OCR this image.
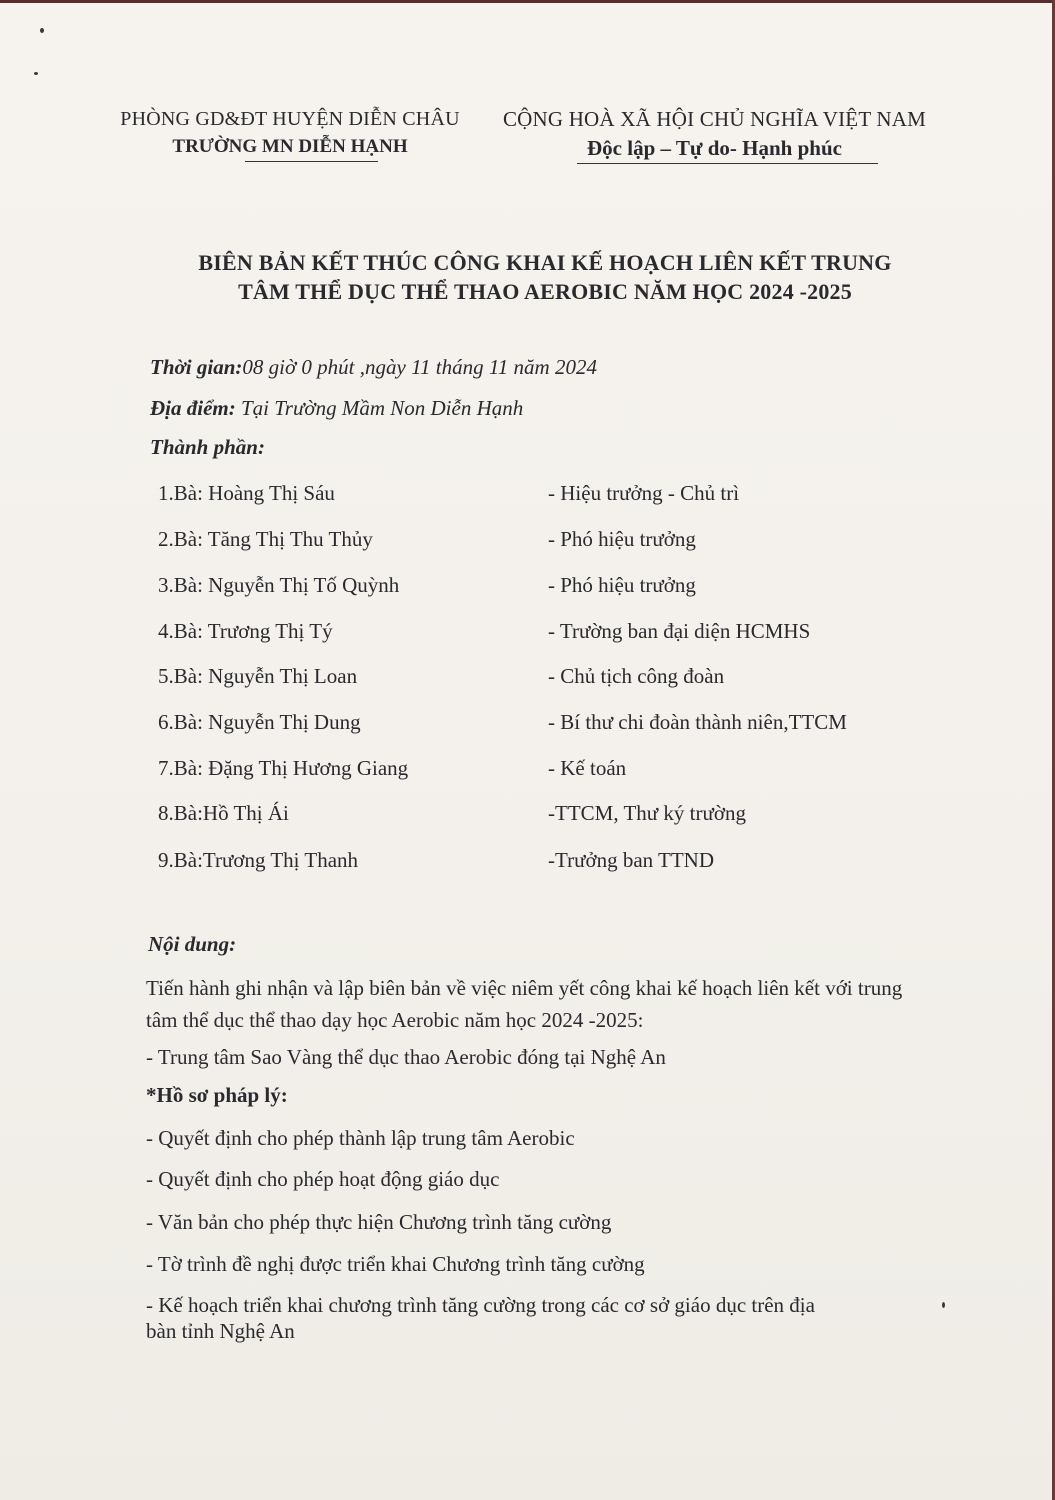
PHÒNG GD&ĐT HUYỆN DIỄN CHÂU
TRƯỜNG MN DIỄN HẠNH
CỘNG HOÀ XÃ HỘI CHỦ NGHĨA VIỆT NAM
Độc lập – Tự do- Hạnh phúc
BIÊN BẢN KẾT THÚC CÔNG KHAI KẾ HOẠCH LIÊN KẾT TRUNG
TÂM THỂ DỤC THỂ THAO AEROBIC NĂM HỌC 2024 -2025
Thời gian:08 giờ 0 phút ,ngày 11 tháng 11 năm 2024
Địa điểm: Tại Trường Mầm Non Diễn Hạnh
Thành phần:
1.Bà: Hoàng Thị Sáu	- Hiệu trưởng - Chủ trì
2.Bà: Tăng Thị Thu Thủy	- Phó hiệu trưởng
3.Bà: Nguyễn Thị Tố Quỳnh	- Phó hiệu trưởng
4.Bà: Trương Thị Tý	- Trường ban đại diện HCMHS
5.Bà: Nguyễn Thị Loan	- Chủ tịch công đoàn
6.Bà: Nguyễn Thị Dung	- Bí thư chi đoàn thành niên,TTCM
7.Bà: Đặng Thị Hương Giang	- Kế toán
8.Bà:Hồ Thị Ái	-TTCM, Thư ký trường
9.Bà:Trương Thị Thanh	-Trưởng ban TTND
Nội dung:
Tiến hành ghi nhận và lập biên bản về việc niêm yết công khai kế hoạch liên kết với trung tâm thể dục thể thao dạy học Aerobic năm học 2024 -2025:
- Trung tâm Sao Vàng thể dục thao Aerobic đóng tại Nghệ An
*Hồ sơ pháp lý:
- Quyết định cho phép thành lập trung tâm Aerobic
- Quyết định cho phép hoạt động giáo dục
- Văn bản cho phép thực hiện Chương trình tăng cường
- Tờ trình đề nghị được triển khai Chương trình tăng cường
- Kế hoạch triển khai chương trình tăng cường trong các cơ sở giáo dục trên địa
bàn tỉnh Nghệ An
